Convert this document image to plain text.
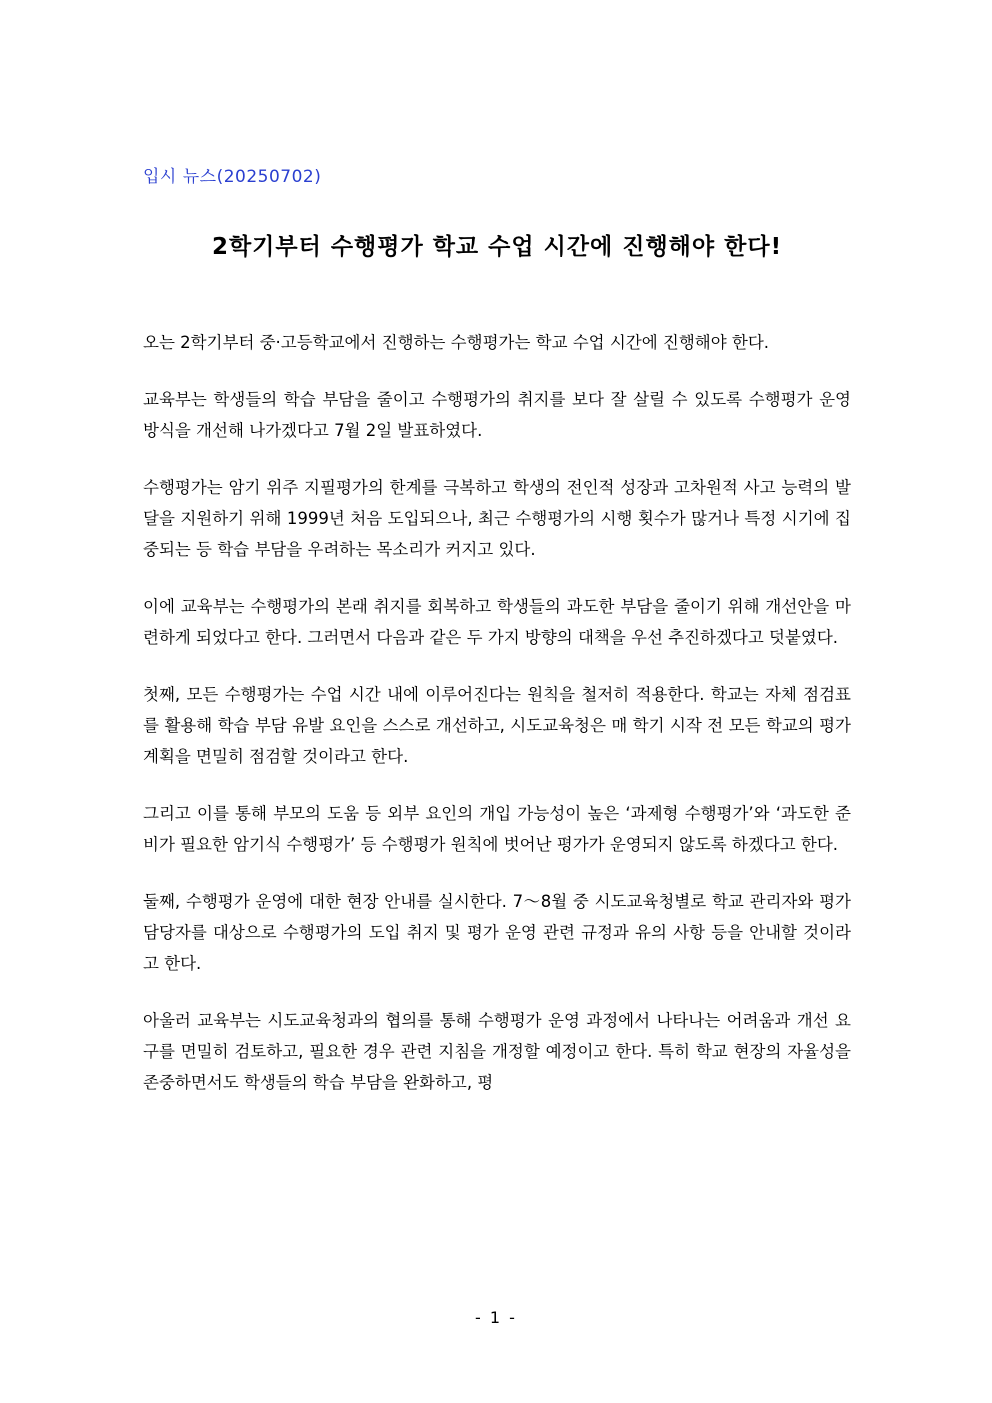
입시 뉴스(20250702)
2학기부터 수행평가 학교 수업 시간에 진행해야 한다!

오는 2학기부터 중·고등학교에서 진행하는 수행평가는 학교 수업 시간에 진행해야 한다.

교육부는 학생들의 학습 부담을 줄이고 수행평가의 취지를 보다 잘 살릴 수 있도록 수행평가 운영 방식을 개선해 나가겠다고 7월 2일 발표하였다.

수행평가는 암기 위주 지필평가의 한계를 극복하고 학생의 전인적 성장과 고차원적 사고 능력의 발달을 지원하기 위해 1999년 처음 도입되으나, 최근 수행평가의 시행 횟수가 많거나 특정 시기에 집중되는 등 학습 부담을 우려하는 목소리가 커지고 있다.

이에 교육부는 수행평가의 본래 취지를 회복하고 학생들의 과도한 부담을 줄이기 위해 개선안을 마련하게 되었다고 한다. 그러면서 다음과 같은 두 가지 방향의 대책을 우선 추진하겠다고 덧붙였다.

첫째, 모든 수행평가는 수업 시간 내에 이루어진다는 원칙을 철저히 적용한다. 학교는 자체 점검표를 활용해 학습 부담 유발 요인을 스스로 개선하고, 시도교육청은 매 학기 시작 전 모든 학교의 평가 계획을 면밀히 점검할 것이라고 한다.

그리고 이를 통해 부모의 도움 등 외부 요인의 개입 가능성이 높은 ‘과제형 수행평가’와 ‘과도한 준비가 필요한 암기식 수행평가’ 등 수행평가 원칙에 벗어난 평가가 운영되지 않도록 하겠다고 한다.

둘째, 수행평가 운영에 대한 현장 안내를 실시한다. 7～8월 중 시도교육청별로 학교 관리자와 평가 담당자를 대상으로 수행평가의 도입 취지 및 평가 운영 관련 규정과 유의 사항 등을 안내할 것이라고 한다.

아울러 교육부는 시도교육청과의 협의를 통해 수행평가 운영 과정에서 나타나는 어려움과 개선 요구를 면밀히 검토하고, 필요한 경우 관련 지침을 개정할 예정이고 한다. 특히 학교 현장의 자율성을 존중하면서도 학생들의 학습 부담을 완화하고, 평

- 1 -
